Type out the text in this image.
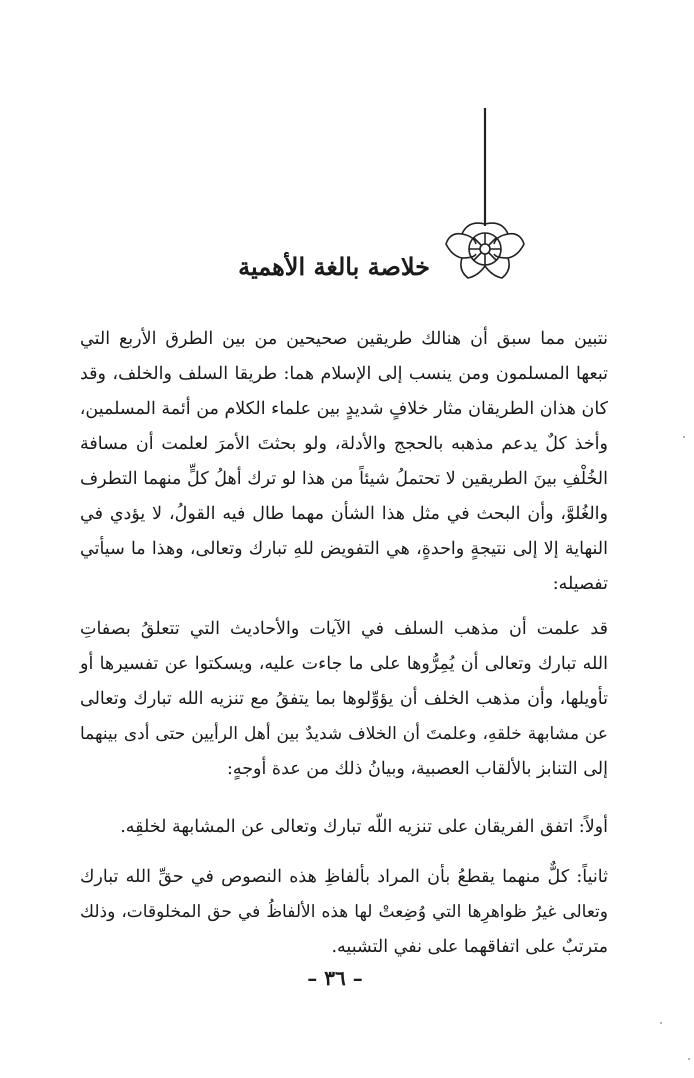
خلاصة بالغة الأهمية
نتبين مما سبق أن هنالك طريقين صحيحين من بين الطرق الأربع التي
تبعها المسلمون ومن ينسب إلى الإسلام هما: طريقا السلف والخلف، وقد
كان هذان الطريقان مثار خلافٍ شديدٍ بين علماء الكلام من أئمة المسلمين،
وأخذ كلٌ يدعم مذهبه بالحجج والأدلة، ولو بحثتَ الأمرَ لعلمت أن مسافة
الخُلْفِ بينَ الطريقين لا تحتملُ شيئاً من هذا لو ترك أهلُ كلٍّ منهما التطرف
والغُلوَّ، وأن البحث في مثل هذا الشأن مهما طال فيه القولُ، لا يؤدي في
النهاية إلا إلى نتيجةٍ واحدةٍ، هي التفويض للهِ تبارك وتعالى، وهذا ما سيأتي
تفصيله:
قد علمت أن مذهب السلف في الآيات والأحاديث التي تتعلقُ بصفاتِ
الله تبارك وتعالى أن يُمِرُّوها على ما جاءت عليه، ويسكتوا عن تفسيرها أو
تأويلها، وأن مذهب الخلف أن يؤوِّلوها بما يتفقُ مع تنزيه الله تبارك وتعالى
عن مشابهة خلقهِ، وعلمتَ أن الخلاف شديدٌ بين أهل الرأيين حتى أدى بينهما
إلى التنابز بالألقاب العصبية، وبيانُ ذلك من عدة أوجهٍ:
أولاً: اتفق الفريقان على تنزيه اللّه تبارك وتعالى عن المشابهة لخلقِه.
ثانياً: كلٌّ منهما يقطعُ بأن المراد بألفاظِ هذه النصوص في حقِّ الله تبارك
وتعالى غيرُ ظواهرِها التي وُضِعتْ لها هذه الألفاظُ في حق المخلوقات، وذلك
مترتبٌ على اتفاقهما على نفي التشبيه.
– ٣٦ –
